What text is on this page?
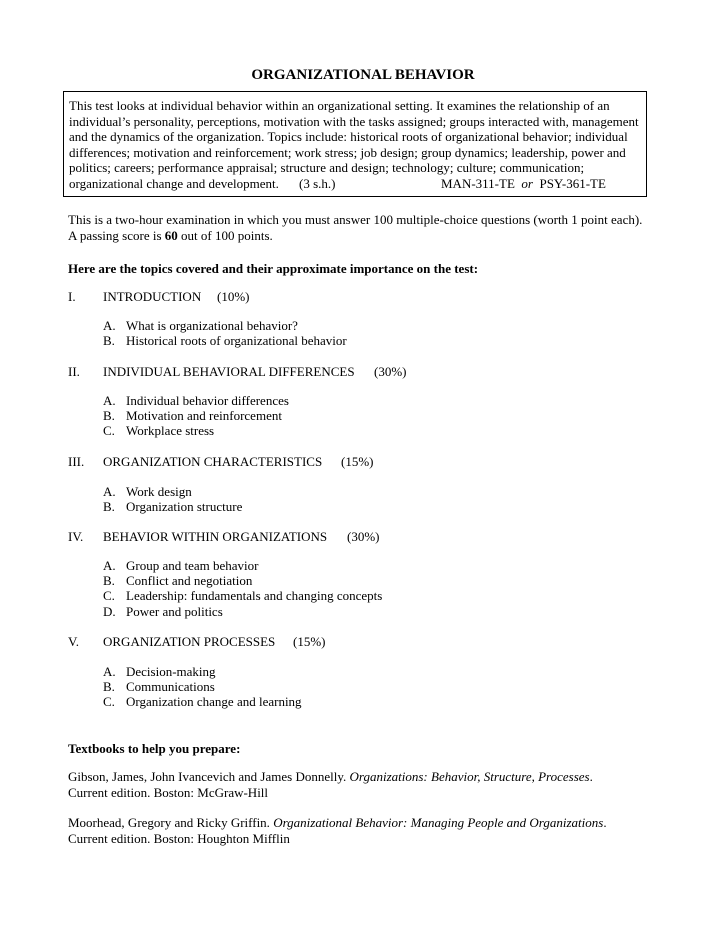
ORGANIZATIONAL BEHAVIOR
This test looks at individual behavior within an organizational setting. It examines the relationship of an
individual’s personality, perceptions, motivation with the tasks assigned; groups interacted with, management
and the dynamics of the organization. Topics include: historical roots of organizational behavior; individual
differences; motivation and reinforcement; work stress; job design; group dynamics; leadership, power and
politics; careers; performance appraisal; structure and design; technology; culture; communication;
organizational change and development. (3 s.h.)	MAN-311-TE or PSY-361-TE
This is a two-hour examination in which you must answer 100 multiple-choice questions (worth 1 point each).
A passing score is 60 out of 100 points.
Here are the topics covered and their approximate importance on the test:
I. INTRODUCTION (10%)
A. What is organizational behavior?
B. Historical roots of organizational behavior
II. INDIVIDUAL BEHAVIORAL DIFFERENCES (30%)
A. Individual behavior differences
B. Motivation and reinforcement
C. Workplace stress
III. ORGANIZATION CHARACTERISTICS (15%)
A. Work design
B. Organization structure
IV. BEHAVIOR WITHIN ORGANIZATIONS (30%)
A. Group and team behavior
B. Conflict and negotiation
C. Leadership: fundamentals and changing concepts
D. Power and politics
V. ORGANIZATION PROCESSES (15%)
A. Decision-making
B. Communications
C. Organization change and learning
Textbooks to help you prepare:
Gibson, James, John Ivancevich and James Donnelly. Organizations: Behavior, Structure, Processes.
Current edition. Boston: McGraw-Hill
Moorhead, Gregory and Ricky Griffin. Organizational Behavior: Managing People and Organizations.
Current edition. Boston: Houghton Mifflin
